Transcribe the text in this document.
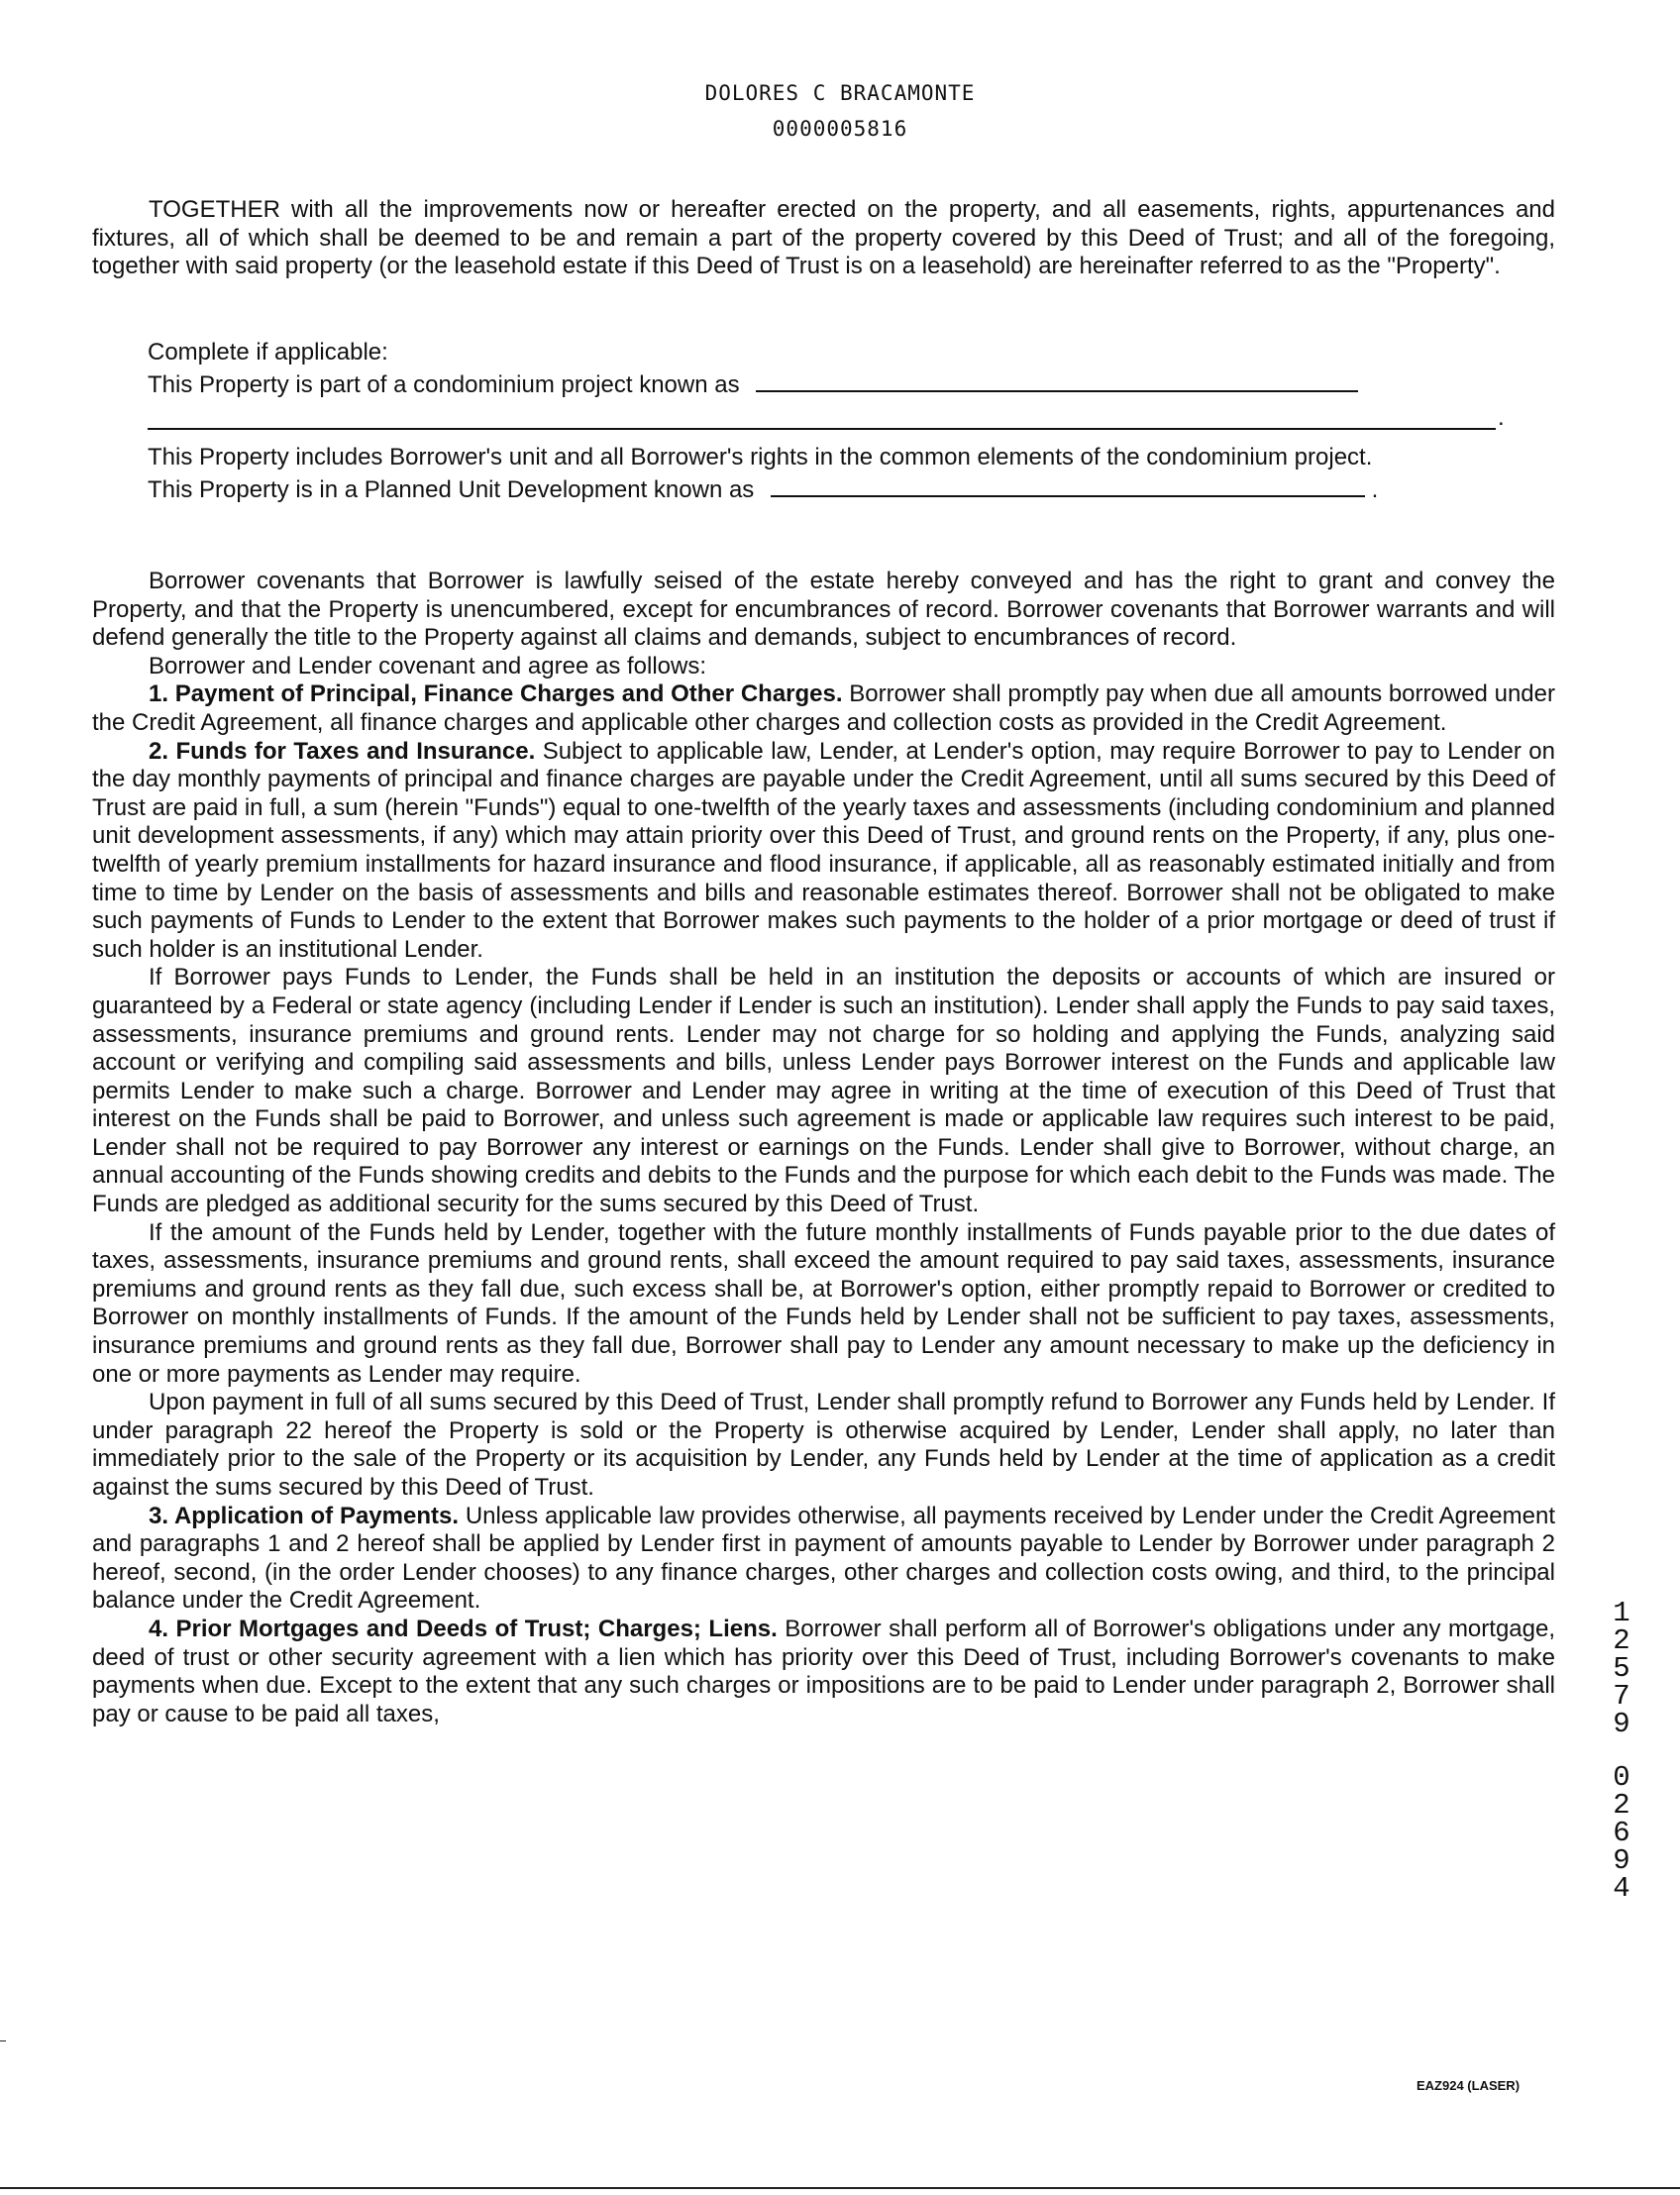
DOLORES C BRACAMONTE
0000005816

TOGETHER with all the improvements now or hereafter erected on the property, and all easements, rights, appurtenances and fixtures, all of which shall be deemed to be and remain a part of the property covered by this Deed of Trust; and all of the foregoing, together with said property (or the leasehold estate if this Deed of Trust is on a leasehold) are hereinafter referred to as the "Property".

Complete if applicable:
This Property is part of a condominium project known as
.
This Property includes Borrower's unit and all Borrower's rights in the common elements of the condominium project.
This Property is in a Planned Unit Development known as	.

Borrower covenants that Borrower is lawfully seised of the estate hereby conveyed and has the right to grant and convey the Property, and that the Property is unencumbered, except for encumbrances of record. Borrower covenants that Borrower warrants and will defend generally the title to the Property against all claims and demands, subject to encumbrances of record.

Borrower and Lender covenant and agree as follows:

1. Payment of Principal, Finance Charges and Other Charges. Borrower shall promptly pay when due all amounts borrowed under the Credit Agreement, all finance charges and applicable other charges and collection costs as provided in the Credit Agreement.

2. Funds for Taxes and Insurance. Subject to applicable law, Lender, at Lender's option, may require Borrower to pay to Lender on the day monthly payments of principal and finance charges are payable under the Credit Agreement, until all sums secured by this Deed of Trust are paid in full, a sum (herein "Funds") equal to one-twelfth of the yearly taxes and assessments (including condominium and planned unit development assessments, if any) which may attain priority over this Deed of Trust, and ground rents on the Property, if any, plus one-twelfth of yearly premium installments for hazard insurance and flood insurance, if applicable, all as reasonably estimated initially and from time to time by Lender on the basis of assessments and bills and reasonable estimates thereof. Borrower shall not be obligated to make such payments of Funds to Lender to the extent that Borrower makes such payments to the holder of a prior mortgage or deed of trust if such holder is an institutional Lender.

If Borrower pays Funds to Lender, the Funds shall be held in an institution the deposits or accounts of which are insured or guaranteed by a Federal or state agency (including Lender if Lender is such an institution). Lender shall apply the Funds to pay said taxes, assessments, insurance premiums and ground rents. Lender may not charge for so holding and applying the Funds, analyzing said account or verifying and compiling said assessments and bills, unless Lender pays Borrower interest on the Funds and applicable law permits Lender to make such a charge. Borrower and Lender may agree in writing at the time of execution of this Deed of Trust that interest on the Funds shall be paid to Borrower, and unless such agreement is made or applicable law requires such interest to be paid, Lender shall not be required to pay Borrower any interest or earnings on the Funds. Lender shall give to Borrower, without charge, an annual accounting of the Funds showing credits and debits to the Funds and the purpose for which each debit to the Funds was made. The Funds are pledged as additional security for the sums secured by this Deed of Trust.

If the amount of the Funds held by Lender, together with the future monthly installments of Funds payable prior to the due dates of taxes, assessments, insurance premiums and ground rents, shall exceed the amount required to pay said taxes, assessments, insurance premiums and ground rents as they fall due, such excess shall be, at Borrower's option, either promptly repaid to Borrower or credited to Borrower on monthly installments of Funds. If the amount of the Funds held by Lender shall not be sufficient to pay taxes, assessments, insurance premiums and ground rents as they fall due, Borrower shall pay to Lender any amount necessary to make up the deficiency in one or more payments as Lender may require.

Upon payment in full of all sums secured by this Deed of Trust, Lender shall promptly refund to Borrower any Funds held by Lender. If under paragraph 22 hereof the Property is sold or the Property is otherwise acquired by Lender, Lender shall apply, no later than immediately prior to the sale of the Property or its acquisition by Lender, any Funds held by Lender at the time of application as a credit against the sums secured by this Deed of Trust.

3. Application of Payments. Unless applicable law provides otherwise, all payments received by Lender under the Credit Agreement and paragraphs 1 and 2 hereof shall be applied by Lender first in payment of amounts payable to Lender by Borrower under paragraph 2 hereof, second, (in the order Lender chooses) to any finance charges, other charges and collection costs owing, and third, to the principal balance under the Credit Agreement.

4. Prior Mortgages and Deeds of Trust; Charges; Liens. Borrower shall perform all of Borrower's obligations under any mortgage, deed of trust or other security agreement with a lien which has priority over this Deed of Trust, including Borrower's covenants to make payments when due. Except to the extent that any such charges or impositions are to be paid to Lender under paragraph 2, Borrower shall pay or cause to be paid all taxes,

1
2
5
7
9
0
2
6
9
4
EAZ924 (LASER)
